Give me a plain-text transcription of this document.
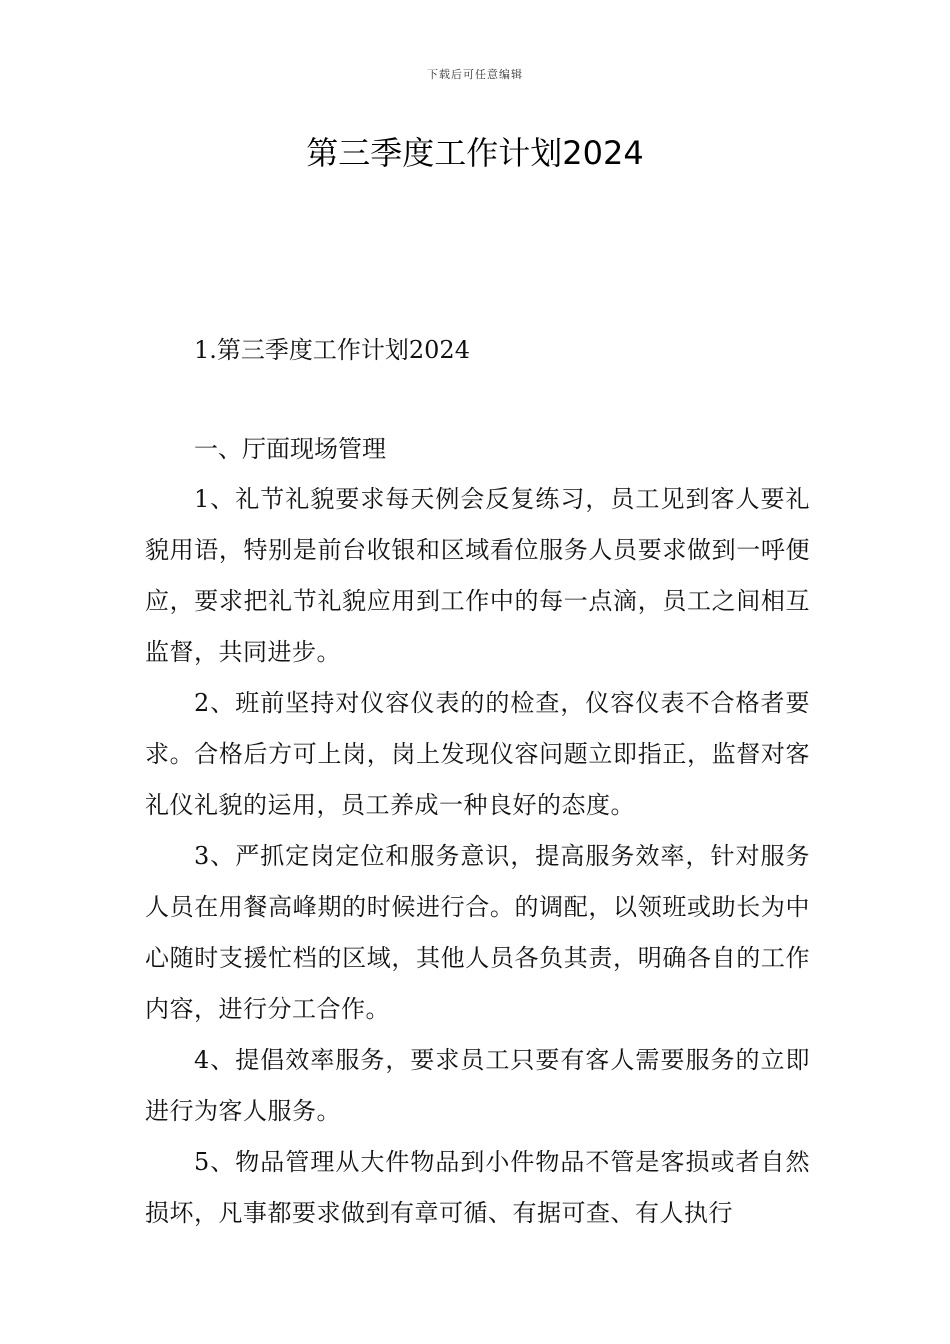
下载后可任意编辑
第三季度工作计划2024
1.第三季度工作计划2024
一、厅面现场管理

1、礼节礼貌要求每天例会反复练习，员工见到客人要礼貌用语，特别是前台收银和区域看位服务人员要求做到一呼便应，要求把礼节礼貌应用到工作中的每一点滴，员工之间相互监督，共同进步。

2、班前坚持对仪容仪表的的检查，仪容仪表不合格者要求。合格后方可上岗，岗上发现仪容问题立即指正，监督对客礼仪礼貌的运用，员工养成一种良好的态度。

3、严抓定岗定位和服务意识，提高服务效率，针对服务人员在用餐高峰期的时候进行合。的调配，以领班或助长为中心随时支援忙档的区域，其他人员各负其责，明确各自的工作内容，进行分工合作。

4、提倡效率服务，要求员工只要有客人需要服务的立即进行为客人服务。

5、物品管理从大件物品到小件物品不管是客损或者自然损坏，凡事都要求做到有章可循、有据可查、有人执行
